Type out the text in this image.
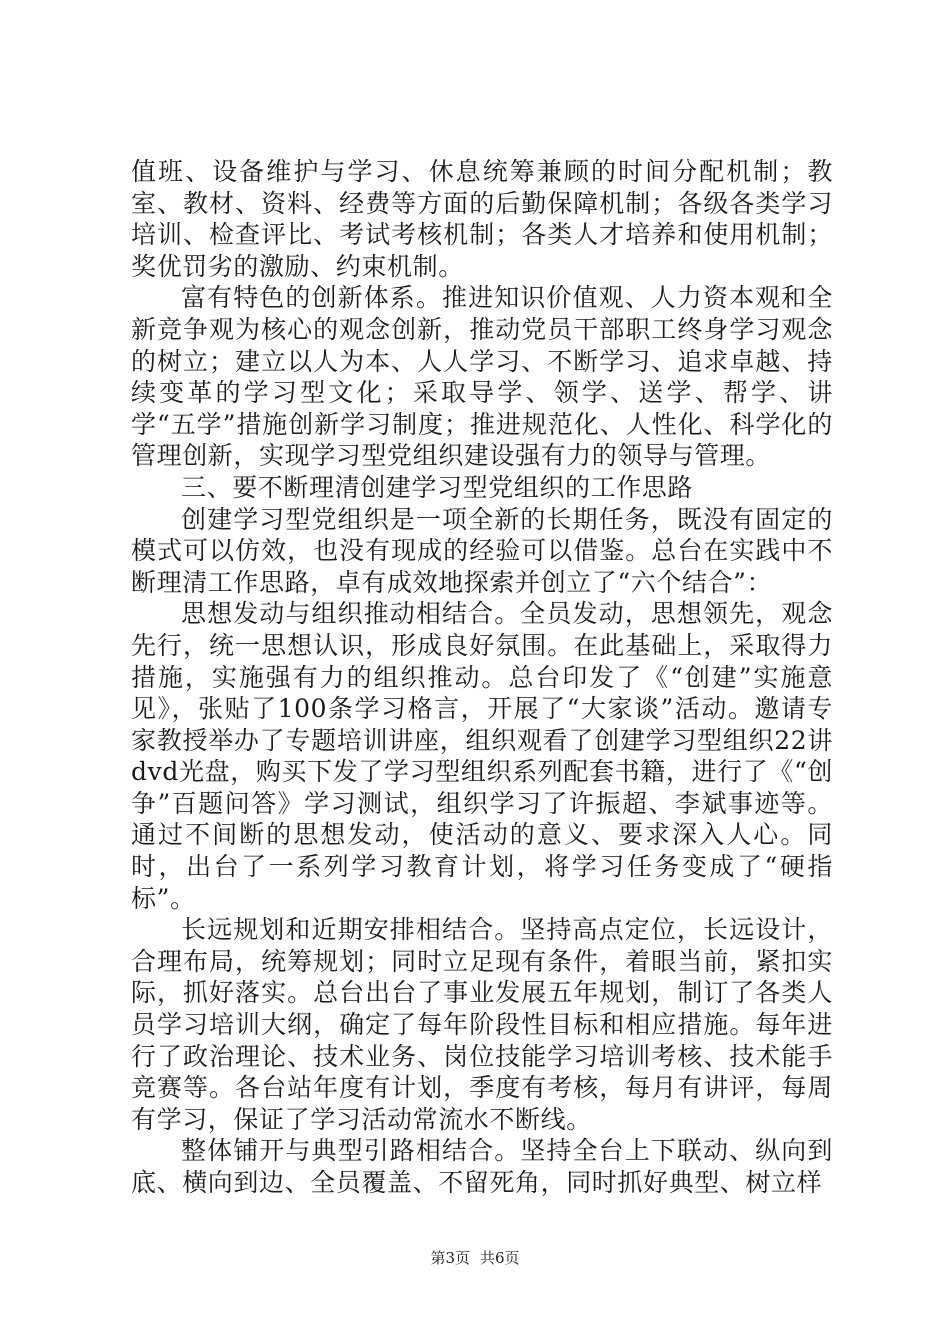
值班、设备维护与学习、休息统筹兼顾的时间分配机制；教室、教材、资料、经费等方面的后勤保障机制；各级各类学习培训、检查评比、考试考核机制；各类人才培养和使用机制；奖优罚劣的激励、约束机制。

富有特色的创新体系。推进知识价值观、人力资本观和全新竞争观为核心的观念创新，推动党员干部职工终身学习观念的树立；建立以人为本、人人学习、不断学习、追求卓越、持续变革的学习型文化；采取导学、领学、送学、帮学、讲学“五学”措施创新学习制度；推进规范化、人性化、科学化的管理创新，实现学习型党组织建设强有力的领导与管理。

三、要不断理清创建学习型党组织的工作思路

创建学习型党组织是一项全新的长期任务，既没有固定的模式可以仿效，也没有现成的经验可以借鉴。总台在实践中不断理清工作思路，卓有成效地探索并创立了“六个结合”：

思想发动与组织推动相结合。全员发动，思想领先，观念先行，统一思想认识，形成良好氛围。在此基础上，采取得力措施，实施强有力的组织推动。总台印发了《“创建”实施意见》，张贴了100条学习格言，开展了“大家谈”活动。邀请专家教授举办了专题培训讲座，组织观看了创建学习型组织22讲dvd光盘，购买下发了学习型组织系列配套书籍，进行了《“创争”百题问答》学习测试，组织学习了许振超、李斌事迹等。通过不间断的思想发动，使活动的意义、要求深入人心。同时，出台了一系列学习教育计划，将学习任务变成了“硬指标”。

长远规划和近期安排相结合。坚持高点定位，长远设计，合理布局，统筹规划；同时立足现有条件，着眼当前，紧扣实际，抓好落实。总台出台了事业发展五年规划，制订了各类人员学习培训大纲，确定了每年阶段性目标和相应措施。每年进行了政治理论、技术业务、岗位技能学习培训考核、技术能手竞赛等。各台站年度有计划，季度有考核，每月有讲评，每周有学习，保证了学习活动常流水不断线。

整体铺开与典型引路相结合。坚持全台上下联动、纵向到底、横向到边、全员覆盖、不留死角，同时抓好典型、树立样

第3页 共6页
